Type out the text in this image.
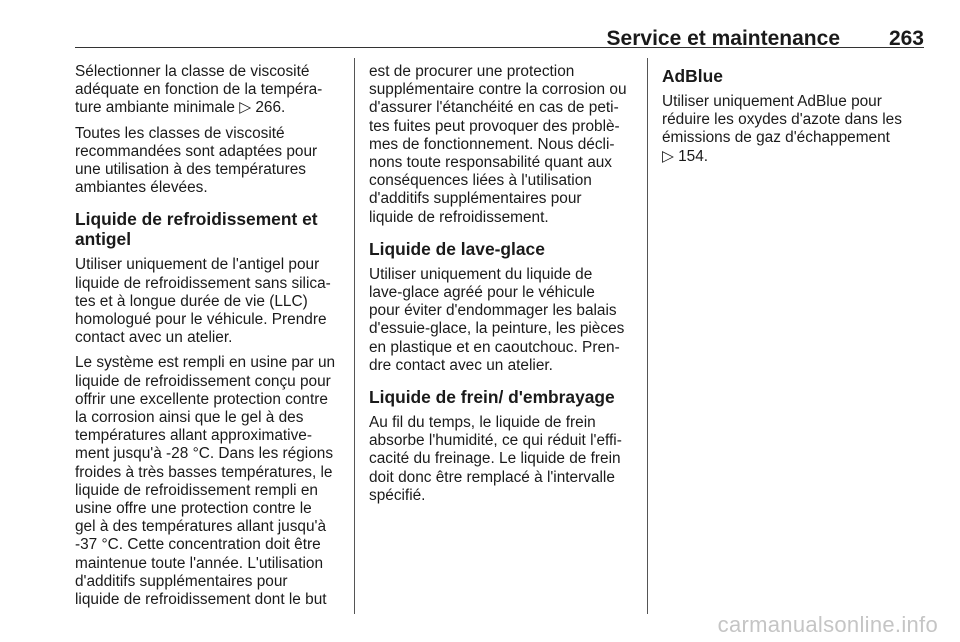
Service et maintenance 263

Sélectionner la classe de viscosité
adéquate en fonction de la tempéra-
ture ambiante minimale ▷ 266.

Toutes les classes de viscosité
recommandées sont adaptées pour
une utilisation à des températures
ambiantes élevées.

Liquide de refroidissement et
antigel

Utiliser uniquement de l'antigel pour
liquide de refroidissement sans silica-
tes et à longue durée de vie (LLC)
homologué pour le véhicule. Prendre
contact avec un atelier.

Le système est rempli en usine par un
liquide de refroidissement conçu pour
offrir une excellente protection contre
la corrosion ainsi que le gel à des
températures allant approximative-
ment jusqu'à -28 °C. Dans les régions
froides à très basses températures, le
liquide de refroidissement rempli en
usine offre une protection contre le
gel à des températures allant jusqu'à
-37 °C. Cette concentration doit être
maintenue toute l'année. L'utilisation
d'additifs supplémentaires pour
liquide de refroidissement dont le but

est de procurer une protection
supplémentaire contre la corrosion ou
d'assurer l'étanchéité en cas de peti-
tes fuites peut provoquer des problè-
mes de fonctionnement. Nous décli-
nons toute responsabilité quant aux
conséquences liées à l'utilisation
d'additifs supplémentaires pour
liquide de refroidissement.

Liquide de lave-glace

Utiliser uniquement du liquide de
lave-glace agréé pour le véhicule
pour éviter d'endommager les balais
d'essuie-glace, la peinture, les pièces
en plastique et en caoutchouc. Pren-
dre contact avec un atelier.

Liquide de frein/ d'embrayage

Au fil du temps, le liquide de frein
absorbe l'humidité, ce qui réduit l'effi-
cacité du freinage. Le liquide de frein
doit donc être remplacé à l'intervalle
spécifié.

AdBlue

Utiliser uniquement AdBlue pour
réduire les oxydes d'azote dans les
émissions de gaz d'échappement
▷ 154.

carmanualsonline.info
